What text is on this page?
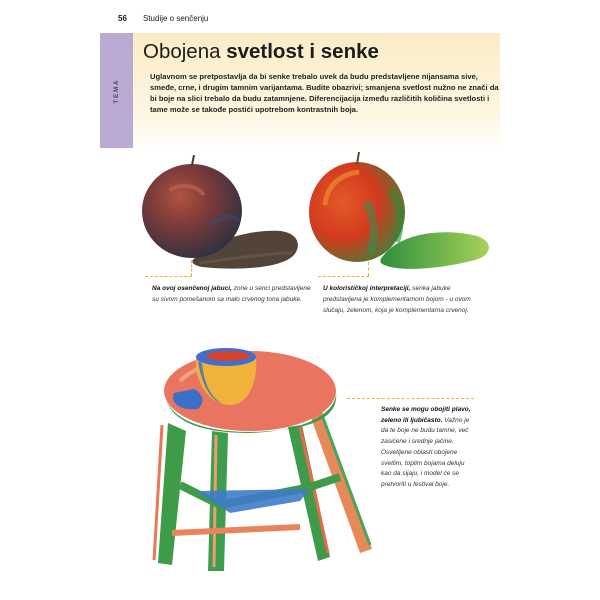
56 Studije o senčenju
TEMA
Obojena svetlost i senke
Uglavnom se pretpostavlja da bi senke trebalo uvek da budu predstavljene nijansama sive, smeđe, crne, i drugim tamnim varijantama. Budite obazrivi; smanjena svetlost nužno ne znači da bi boje na slici trebalo da budu zatamnjene. Diferencijacija između različitih količina svetlosti i tame može se takođe postići upotrebom kontrastnih boja.
Na ovoj osenčenoj jabuci, zone u senci predstavljene su sivom pomešanom sa malo crvenog tona jabuke.
U kolorističkoj interpretaciji, senka jabuke predstavljena je komplementarnom bojom - u ovom slučaju, zelenom, koja je komplementarna crvenoj.
Senke se mogu obojiti plavo, zeleno ili ljubičasto. Važno je da te boje ne budu tamne, već zasićene i srednje jačine. Osvetljene oblasti obojene svetlim, toplim bojama deluju kao da sijaju, i model će se pretvoriti u festival boje.
